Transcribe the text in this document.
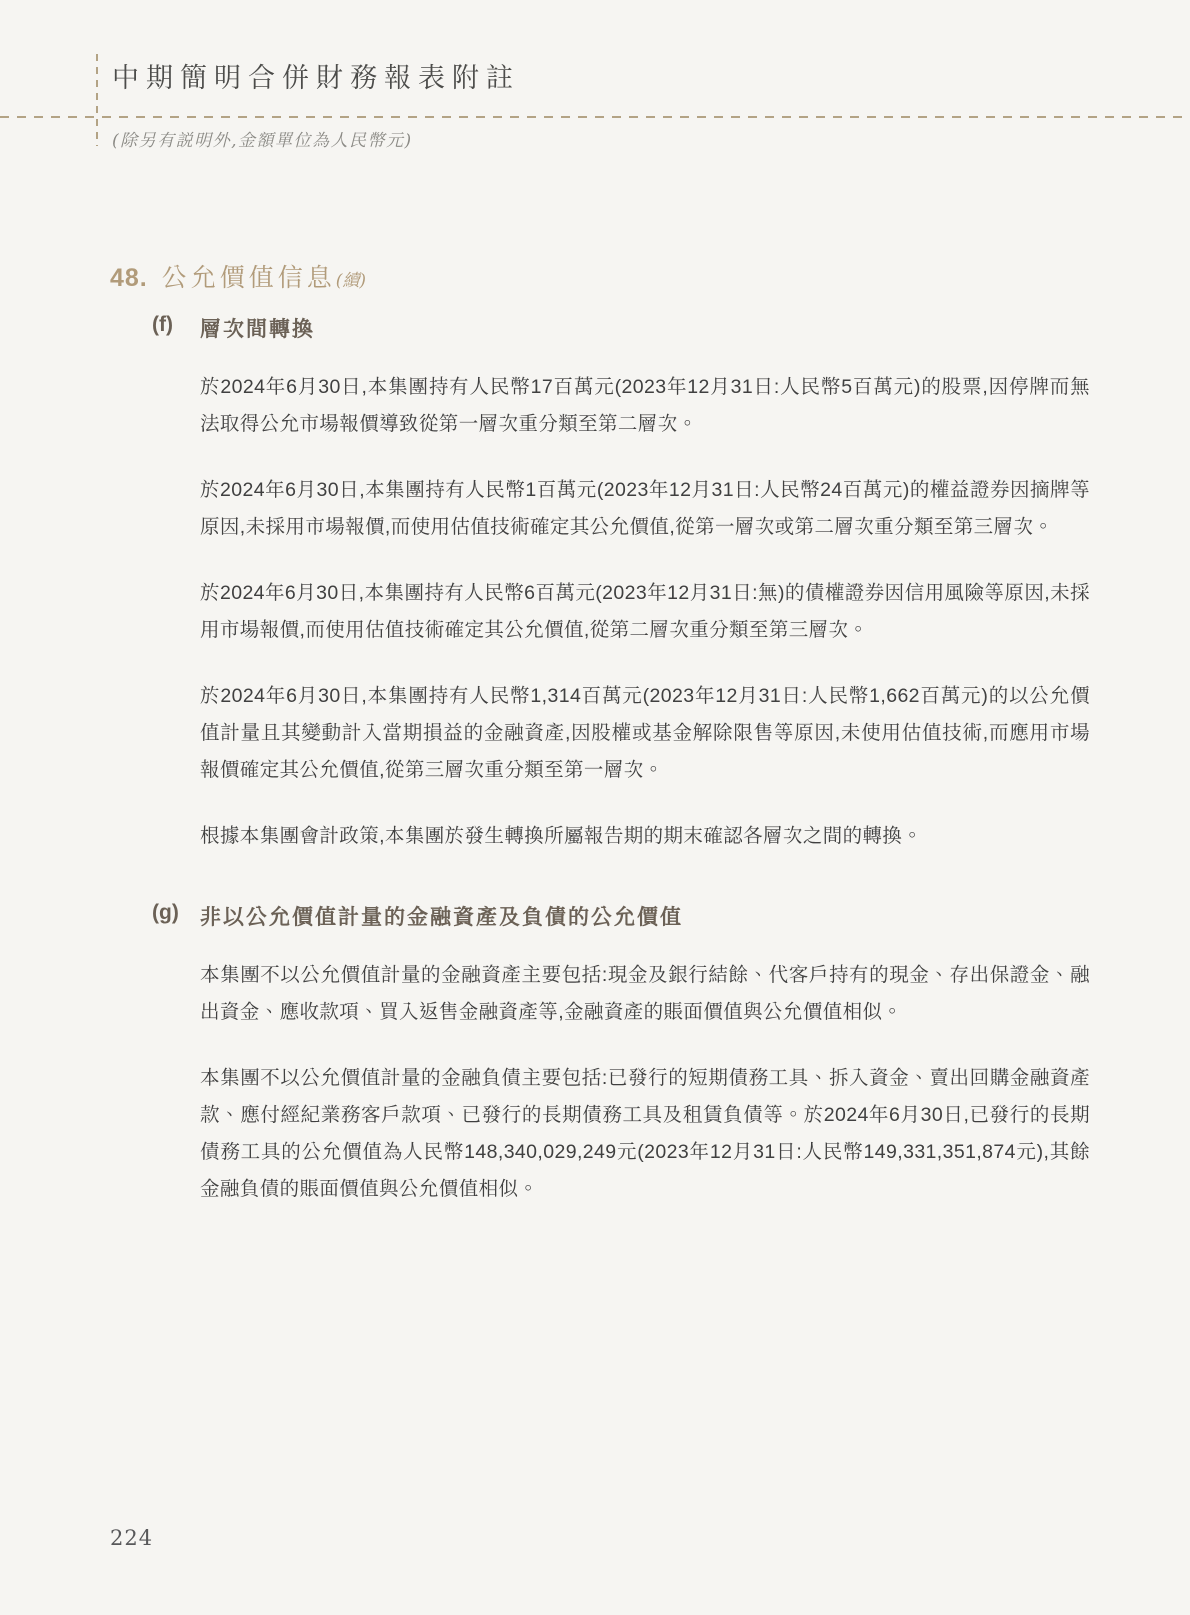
中期簡明合併財務報表附註

(除另有説明外,金額單位為人民幣元)

48. 公允價值信息(續)
(f) 層次間轉換

於2024年6月30日,本集團持有人民幣17百萬元(2023年12月31日:人民幣5百萬元)的股票,因停牌而無法取得公允市場報價導致從第一層次重分類至第二層次。

於2024年6月30日,本集團持有人民幣1百萬元(2023年12月31日:人民幣24百萬元)的權益證券因摘牌等原因,未採用市場報價,而使用估值技術確定其公允價值,從第一層次或第二層次重分類至第三層次。

於2024年6月30日,本集團持有人民幣6百萬元(2023年12月31日:無)的債權證券因信用風險等原因,未採用市場報價,而使用估值技術確定其公允價值,從第二層次重分類至第三層次。

於2024年6月30日,本集團持有人民幣1,314百萬元(2023年12月31日:人民幣1,662百萬元)的以公允價值計量且其變動計入當期損益的金融資產,因股權或基金解除限售等原因,未使用估值技術,而應用市場報價確定其公允價值,從第三層次重分類至第一層次。

根據本集團會計政策,本集團於發生轉換所屬報告期的期末確認各層次之間的轉換。

(g) 非以公允價值計量的金融資產及負債的公允價值

本集團不以公允價值計量的金融資產主要包括:現金及銀行結餘、代客戶持有的現金、存出保證金、融出資金、應收款項、買入返售金融資產等,金融資產的賬面價值與公允價值相似。

本集團不以公允價值計量的金融負債主要包括:已發行的短期債務工具、拆入資金、賣出回購金融資產款、應付經紀業務客戶款項、已發行的長期債務工具及租賃負債等。於2024年6月30日,已發行的長期債務工具的公允價值為人民幣148,340,029,249元(2023年12月31日:人民幣149,331,351,874元),其餘金融負債的賬面價值與公允價值相似。

224
